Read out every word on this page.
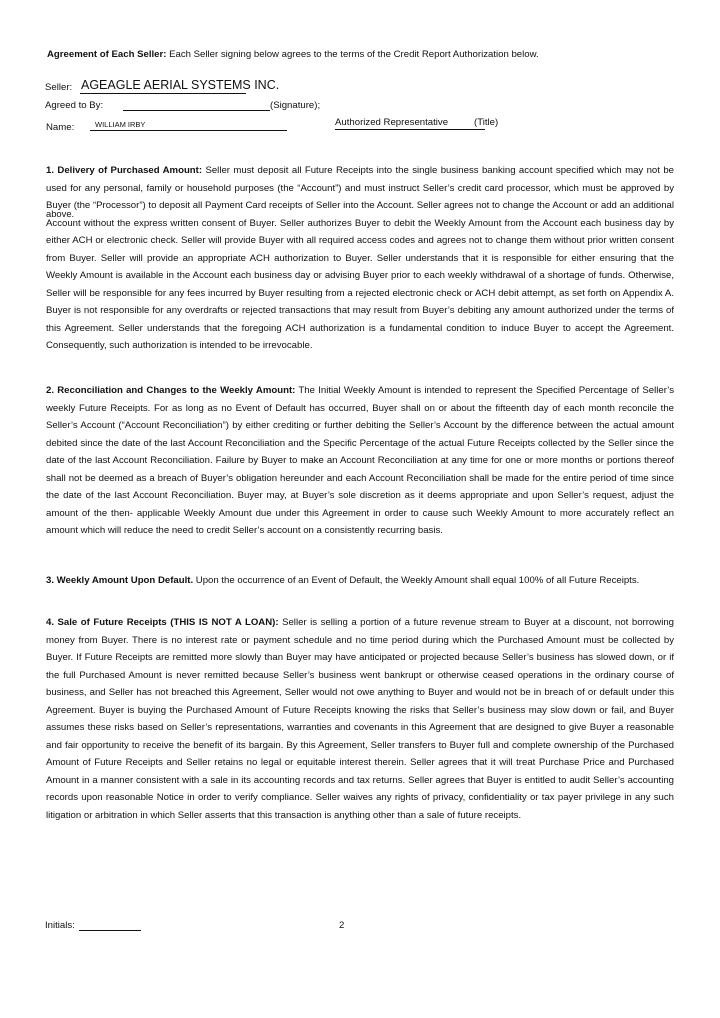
Agreement of Each Seller: Each Seller signing below agrees to the terms of the Credit Report Authorization below.
Seller: AGEAGLE AERIAL SYSTEMS INC.
Agreed to By:	(Signature);
Name:	WILLIAM IRBY	Authorized Representative	(Title)
1. Delivery of Purchased Amount: Seller must deposit all Future Receipts into the single business banking account specified which may not be used for any personal, family or household purposes (the “Account”) and must instruct Seller’s credit card processor, which must be approved by Buyer (the “Processor”) to deposit all Payment Card receipts of Seller into the Account. Seller agrees not to change the Account or add an additional Account without the express written consent of Buyer. Seller authorizes Buyer to debit the Weekly Amount from the Account each business day by either ACH or electronic check. Seller will provide Buyer with all required access codes and agrees not to change them without prior written consent from Buyer. Seller will provide an appropriate ACH authorization to Buyer. Seller understands that it is responsible for either ensuring that the Weekly Amount is available in the Account each business day or advising Buyer prior to each weekly withdrawal of a shortage of funds. Otherwise, Seller will be responsible for any fees incurred by Buyer resulting from a rejected electronic check or ACH debit attempt, as set forth on Appendix A. Buyer is not responsible for any overdrafts or rejected transactions that may result from Buyer’s debiting any amount authorized under the terms of this Agreement. Seller understands that the foregoing ACH authorization is a fundamental condition to induce Buyer to accept the Agreement. Consequently, such authorization is intended to be irrevocable.
above.
2. Reconciliation and Changes to the Weekly Amount: The Initial Weekly Amount is intended to represent the Specified Percentage of Seller’s weekly Future Receipts. For as long as no Event of Default has occurred, Buyer shall on or about the fifteenth day of each month reconcile the Seller’s Account (“Account Reconciliation”) by either crediting or further debiting the Seller’s Account by the difference between the actual amount debited since the date of the last Account Reconciliation and the Specific Percentage of the actual Future Receipts collected by the Seller since the date of the last Account Reconciliation. Failure by Buyer to make an Account Reconciliation at any time for one or more months or portions thereof shall not be deemed as a breach of Buyer’s obligation hereunder and each Account Reconciliation shall be made for the entire period of time since the date of the last Account Reconciliation. Buyer may, at Buyer’s sole discretion as it deems appropriate and upon Seller’s request, adjust the amount of the then- applicable Weekly Amount due under this Agreement in order to cause such Weekly Amount to more accurately reflect an amount which will reduce the need to credit Seller’s account on a consistently recurring basis.
3. Weekly Amount Upon Default. Upon the occurrence of an Event of Default, the Weekly Amount shall equal 100% of all Future Receipts.
4. Sale of Future Receipts (THIS IS NOT A LOAN): Seller is selling a portion of a future revenue stream to Buyer at a discount, not borrowing money from Buyer. There is no interest rate or payment schedule and no time period during which the Purchased Amount must be collected by Buyer. If Future Receipts are remitted more slowly than Buyer may have anticipated or projected because Seller’s business has slowed down, or if the full Purchased Amount is never remitted because Seller’s business went bankrupt or otherwise ceased operations in the ordinary course of business, and Seller has not breached this Agreement, Seller would not owe anything to Buyer and would not be in breach of or default under this Agreement. Buyer is buying the Purchased Amount of Future Receipts knowing the risks that Seller’s business may slow down or fail, and Buyer assumes these risks based on Seller’s representations, warranties and covenants in this Agreement that are designed to give Buyer a reasonable and fair opportunity to receive the benefit of its bargain. By this Agreement, Seller transfers to Buyer full and complete ownership of the Purchased Amount of Future Receipts and Seller retains no legal or equitable interest therein. Seller agrees that it will treat Purchase Price and Purchased Amount in a manner consistent with a sale in its accounting records and tax returns. Seller agrees that Buyer is entitled to audit Seller’s accounting records upon reasonable Notice in order to verify compliance. Seller waives any rights of privacy, confidentiality or tax payer privilege in any such litigation or arbitration in which Seller asserts that this transaction is anything other than a sale of future receipts.
Initials:	2
